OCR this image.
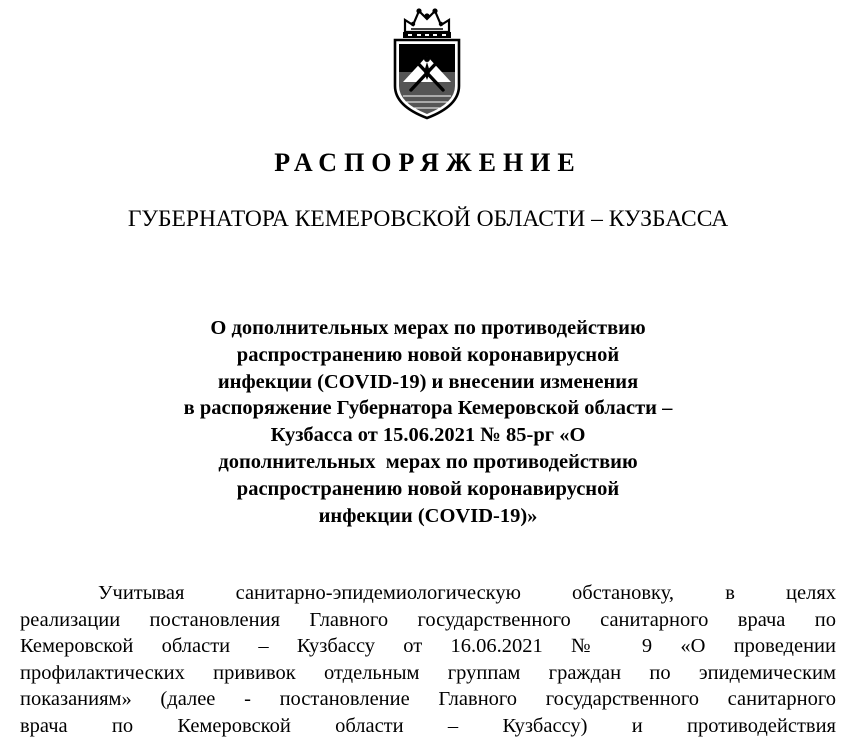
РАСПОРЯЖЕНИЕ
ГУБЕРНАТОРА КЕМЕРОВСКОЙ ОБЛАСТИ – КУЗБАССА
О дополнительных мерах по противодействию
распространению новой коронавирусной
инфекции (COVID-19) и внесении изменения
в распоряжение Губернатора Кемеровской области –
Кузбасса от 15.06.2021 № 85-рг «О
дополнительных  мерах по противодействию
распространению новой коронавирусной
инфекции (COVID-19)»
Учитывая санитарно-эпидемиологическую обстановку, в целях
реализации постановления Главного государственного санитарного врача по
Кемеровской области – Кузбассу от 16.06.2021 № 9 «О проведении
профилактических прививок отдельным группам граждан по эпидемическим
показаниям» (далее - постановление Главного государственного санитарного
врача по Кемеровской области – Кузбассу) и противодействия
